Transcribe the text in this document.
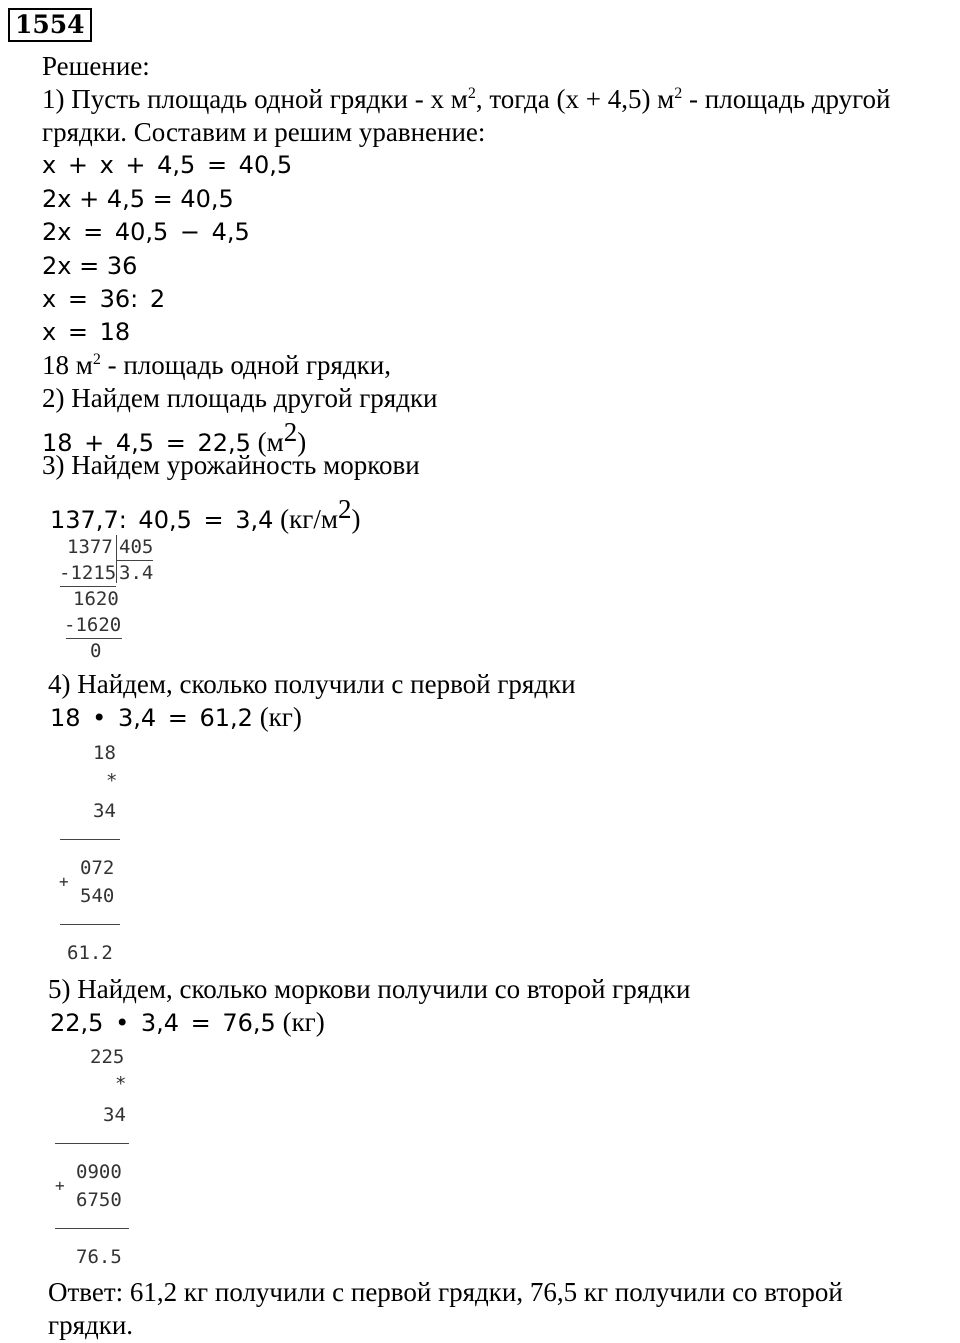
1554
Решение:
1) Пусть площадь одной грядки - x $м^2$, тогда (x + 4,5) $м^2$ - площадь другой
грядки. Составим и решим уравнение:
x + x + 4,5 = 40,5
2x + 4,5 = 40,5
2x = 40,5 − 4,5
2x = 36
x = 36: 2
x = 18
18 $м^2$ - площадь одной грядки,
2) Найдем площадь другой грядки
18 + 4,5 = 22,5 $(м^2)$
3) Найдем урожайность моркови
137,7: 40,5 = 3,4 $(кг/м^2)$
1377 405
-1215 3.4
1620
-1620
0
4) Найдем, сколько получили с первой грядки
18 • 3,4 = 61,2 (кг)
18
*
34
072
+
540
61.2
5) Найдем, сколько моркови получили со второй грядки
22,5 • 3,4 = 76,5 (кг)
225
*
34
0900
+
6750
76.5
Ответ: 61,2 кг получили с первой грядки, 76,5 кг получили со второй
грядки.
